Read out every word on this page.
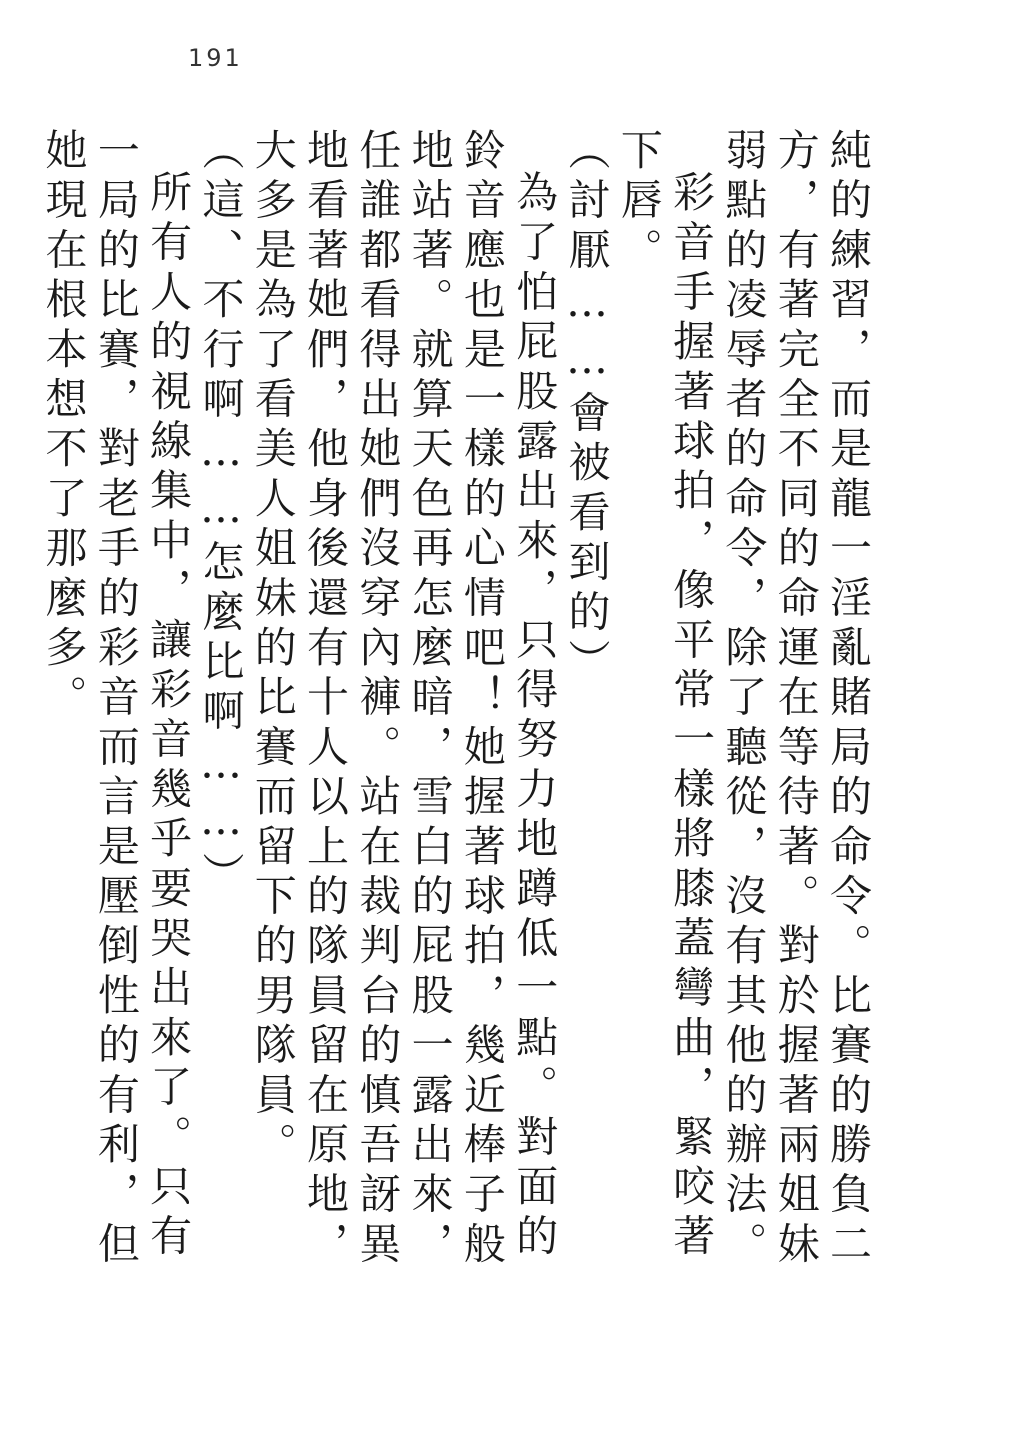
191

純的練習，而是龍一淫亂賭局的命令。比賽的勝負二方，有著完全不同的命運在等待著。對於握著兩姐妹弱點的凌辱者的命令，除了聽從，沒有其他的辦法。

彩音手握著球拍，像平常一樣將膝蓋彎曲，緊咬著下唇。

（討厭……會被看到的）

為了怕屁股露出來，只得努力地蹲低一點。對面的鈴音應也是一樣的心情吧！她握著球拍，幾近棒子般地站著。就算天色再怎麼暗，雪白的屁股一露出來，任誰都看得出她們沒穿內褲。站在裁判台的慎吾訝異地看著她們，他身後還有十人以上的隊員留在原地，大多是為了看美人姐妹的比賽而留下的男隊員。

（這、不行啊……怎麼比啊……）

所有人的視線集中，讓彩音幾乎要哭出來了。只有一局的比賽，對老手的彩音而言是壓倒性的有利，但她現在根本想不了那麼多。
